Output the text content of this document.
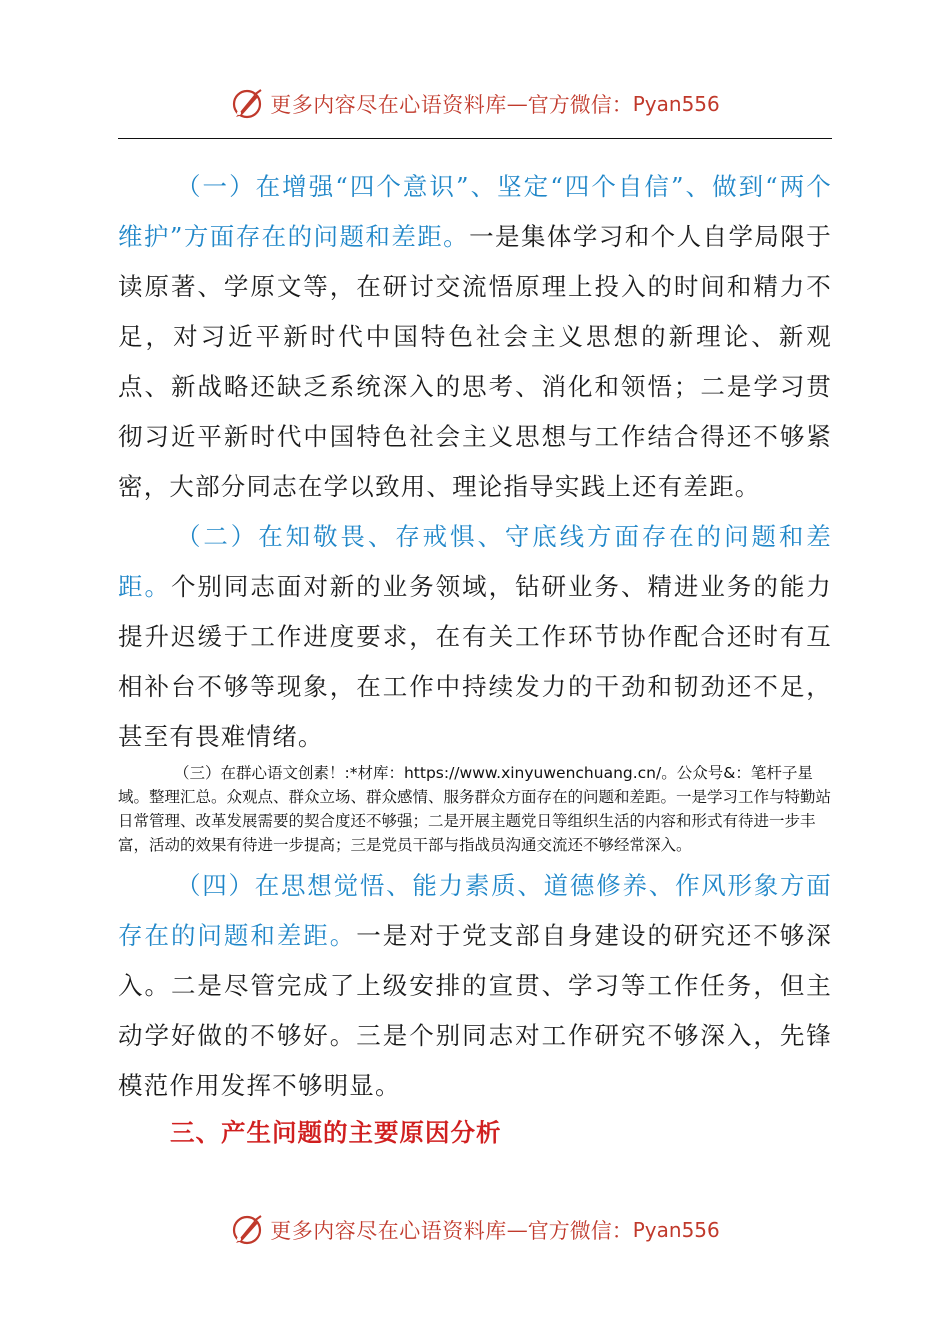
更多内容尽在心语资料库 — 官方微信： Pyan556

（一）在增强“四个意识”、坚定“四个自信”、做到“两个维护”方面存在的问题和差距。一是集体学习和个人自学局限于读原著、学原文等，在研讨交流悟原理上投入的时间和精力不足，对习近平新时代中国特色社会主义思想的新理论、新观点、新战略还缺乏系统深入的思考、消化和领悟；二是学习贯彻习近平新时代中国特色社会主义思想与工作结合得还不够紧密，大部分同志在学以致用、理论指导实践上还有差距。

（二）在知敬畏、存戒惧、守底线方面存在的问题和差距。个别同志面对新的业务领域，钻研业务、精进业务的能力提升迟缓于工作进度要求，在有关工作环节协作配合还时有互相补台不够等现象，在工作中持续发力的干劲和韧劲还不足，甚至有畏难情绪。

（三）在群心语文创素！:*材库：https://www.xinyuwenchuang.cn/。公众号&：笔杆子星域。整理汇总。众观点、群众立场、群众感情、服务群众方面存在的问题和差距。一是学习工作与特勤站日常管理、改革发展需要的契合度还不够强；二是开展主题党日等组织生活的内容和形式有待进一步丰富，活动的效果有待进一步提高；三是党员干部与指战员沟通交流还不够经常深入。

（四）在思想觉悟、能力素质、道德修养、作风形象方面存在的问题和差距。一是对于党支部自身建设的研究还不够深入。二是尽管完成了上级安排的宣贯、学习等工作任务，但主动学好做的不够好。三是个别同志对工作研究不够深入，先锋模范作用发挥不够明显。

三、产生问题的主要原因分析
更多内容尽在心语资料库 — 官方微信： Pyan556
